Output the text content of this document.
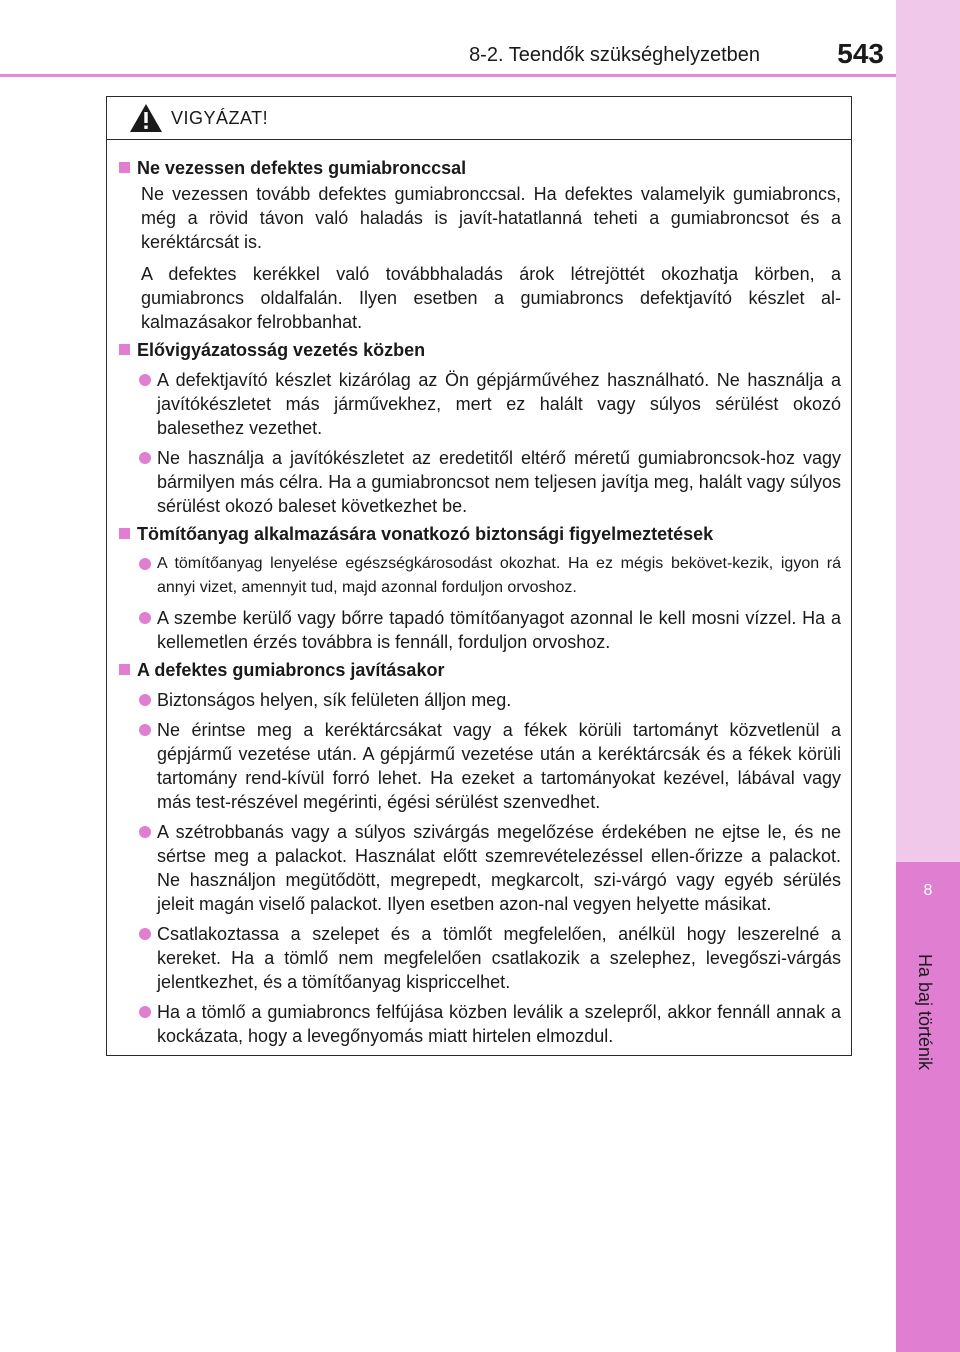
8-2. Teendők szükséghelyzetben	543
8
Ha baj történik
VIGYÁZAT!
Ne vezessen defektes gumiabronccsal

Ne vezessen tovább defektes gumiabronccsal. Ha defektes valamelyik gumiabroncs, még a rövid távon való haladás is javít-hatatlanná teheti a gumiabroncsot és a keréktárcsát is.

A defektes kerékkel való továbbhaladás árok létrejöttét okozhatja körben, a gumiabroncs oldalfalán. Ilyen esetben a gumiabroncs defektjavító készlet al-kalmazásakor felrobbanhat.

Elővigyázatosság vezetés közben
A defektjavító készlet kizárólag az Ön gépjárművéhez használható. Ne használja a javítókészletet más járművekhez, mert ez halált vagy súlyos sérülést okozó balesethez vezethet.
Ne használja a javítókészletet az eredetitől eltérő méretű gumiabroncsok-hoz vagy bármilyen más célra. Ha a gumiabroncsot nem teljesen javítja meg, halált vagy súlyos sérülést okozó baleset következhet be.
Tömítőanyag alkalmazására vonatkozó biztonsági figyelmeztetések
A tömítőanyag lenyelése egészségkárosodást okozhat. Ha ez mégis bekövet-kezik, igyon rá annyi vizet, amennyit tud, majd azonnal forduljon orvoshoz.
A szembe kerülő vagy bőrre tapadó tömítőanyagot azonnal le kell mosni vízzel. Ha a kellemetlen érzés továbbra is fennáll, forduljon orvoshoz.
A defektes gumiabroncs javításakor
Biztonságos helyen, sík felületen álljon meg.
Ne érintse meg a keréktárcsákat vagy a fékek körüli tartományt közvetlenül a gépjármű vezetése után. A gépjármű vezetése után a keréktárcsák és a fékek körüli tartomány rend-kívül forró lehet. Ha ezeket a tartományokat kezével, lábával vagy más test-részével megérinti, égési sérülést szenvedhet.
A szétrobbanás vagy a súlyos szivárgás megelőzése érdekében ne ejtse le, és ne sértse meg a palackot. Használat előtt szemrevételezéssel ellen-őrizze a palackot. Ne használjon megütődött, megrepedt, megkarcolt, szi-várgó vagy egyéb sérülés jeleit magán viselő palackot. Ilyen esetben azon-nal vegyen helyette másikat.
Csatlakoztassa a szelepet és a tömlőt megfelelően, anélkül hogy leszerelné a kereket. Ha a tömlő nem megfelelően csatlakozik a szelephez, levegőszi-várgás jelentkezhet, és a tömítőanyag kispriccelhet.
Ha a tömlő a gumiabroncs felfújása közben leválik a szelepről, akkor fennáll annak a kockázata, hogy a levegőnyomás miatt hirtelen elmozdul.
